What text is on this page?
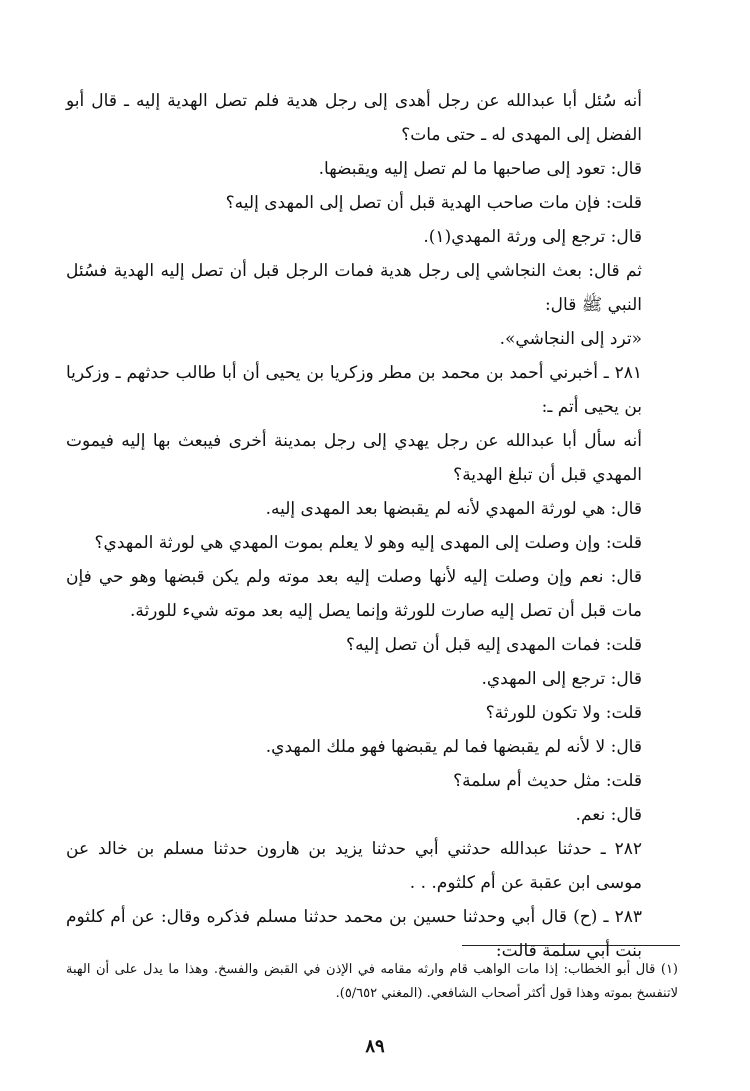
أنه سُئل أبا عبدالله عن رجل أهدى إلى رجل هدية فلم تصل الهدية إليه ـ قال أبو الفضل إلى المهدى له ـ حتى مات؟

قال: تعود إلى صاحبها ما لم تصل إليه ويقبضها.

قلت: فإن مات صاحب الهدية قبل أن تصل إلى المهدى إليه؟

قال: ترجع إلى ورثة المهدي(١).

ثم قال: بعث النجاشي إلى رجل هدية فمات الرجل قبل أن تصل إليه الهدية فسُئل النبي ﷺ قال:

«ترد إلى النجاشي».

٢٨١ ـ أخبرني أحمد بن محمد بن مطر وزكريا بن يحيى أن أبا طالب حدثهم ـ وزكريا بن يحيى أتم ـ:

أنه سأل أبا عبدالله عن رجل يهدي إلى رجل بمدينة أخرى فيبعث بها إليه فيموت المهدي قبل أن تبلغ الهدية؟

قال: هي لورثة المهدي لأنه لم يقبضها بعد المهدى إليه.

قلت: وإن وصلت إلى المهدى إليه وهو لا يعلم بموت المهدي هي لورثة المهدي؟

قال: نعم وإن وصلت إليه لأنها وصلت إليه بعد موته ولم يكن قبضها وهو حي فإن مات قبل أن تصل إليه صارت للورثة وإنما يصل إليه بعد موته شيء للورثة.

قلت: فمات المهدى إليه قبل أن تصل إليه؟

قال: ترجع إلى المهدي.

قلت: ولا تكون للورثة؟

قال: لا لأنه لم يقبضها فما لم يقبضها فهو ملك المهدي.

قلت: مثل حديث أم سلمة؟

قال: نعم.

٢٨٢ ـ حدثنا عبدالله حدثني أبي حدثنا يزيد بن هارون حدثنا مسلم بن خالد عن موسى ابن عقبة عن أم كلثوم. . .

٢٨٣ ـ (ح) قال أبي وحدثنا حسين بن محمد حدثنا مسلم فذكره وقال: عن أم كلثوم بنت أبي سلمة قالت:

(١) قال أبو الخطاب: إذا مات الواهب قام وارثه مقامه في الإذن في القبض والفسخ. وهذا ما يدل على أن الهبة لاتنفسخ بموته وهذا قول أكثر أصحاب الشافعي. (المغني ٥/٦٥٢).

٨٩
